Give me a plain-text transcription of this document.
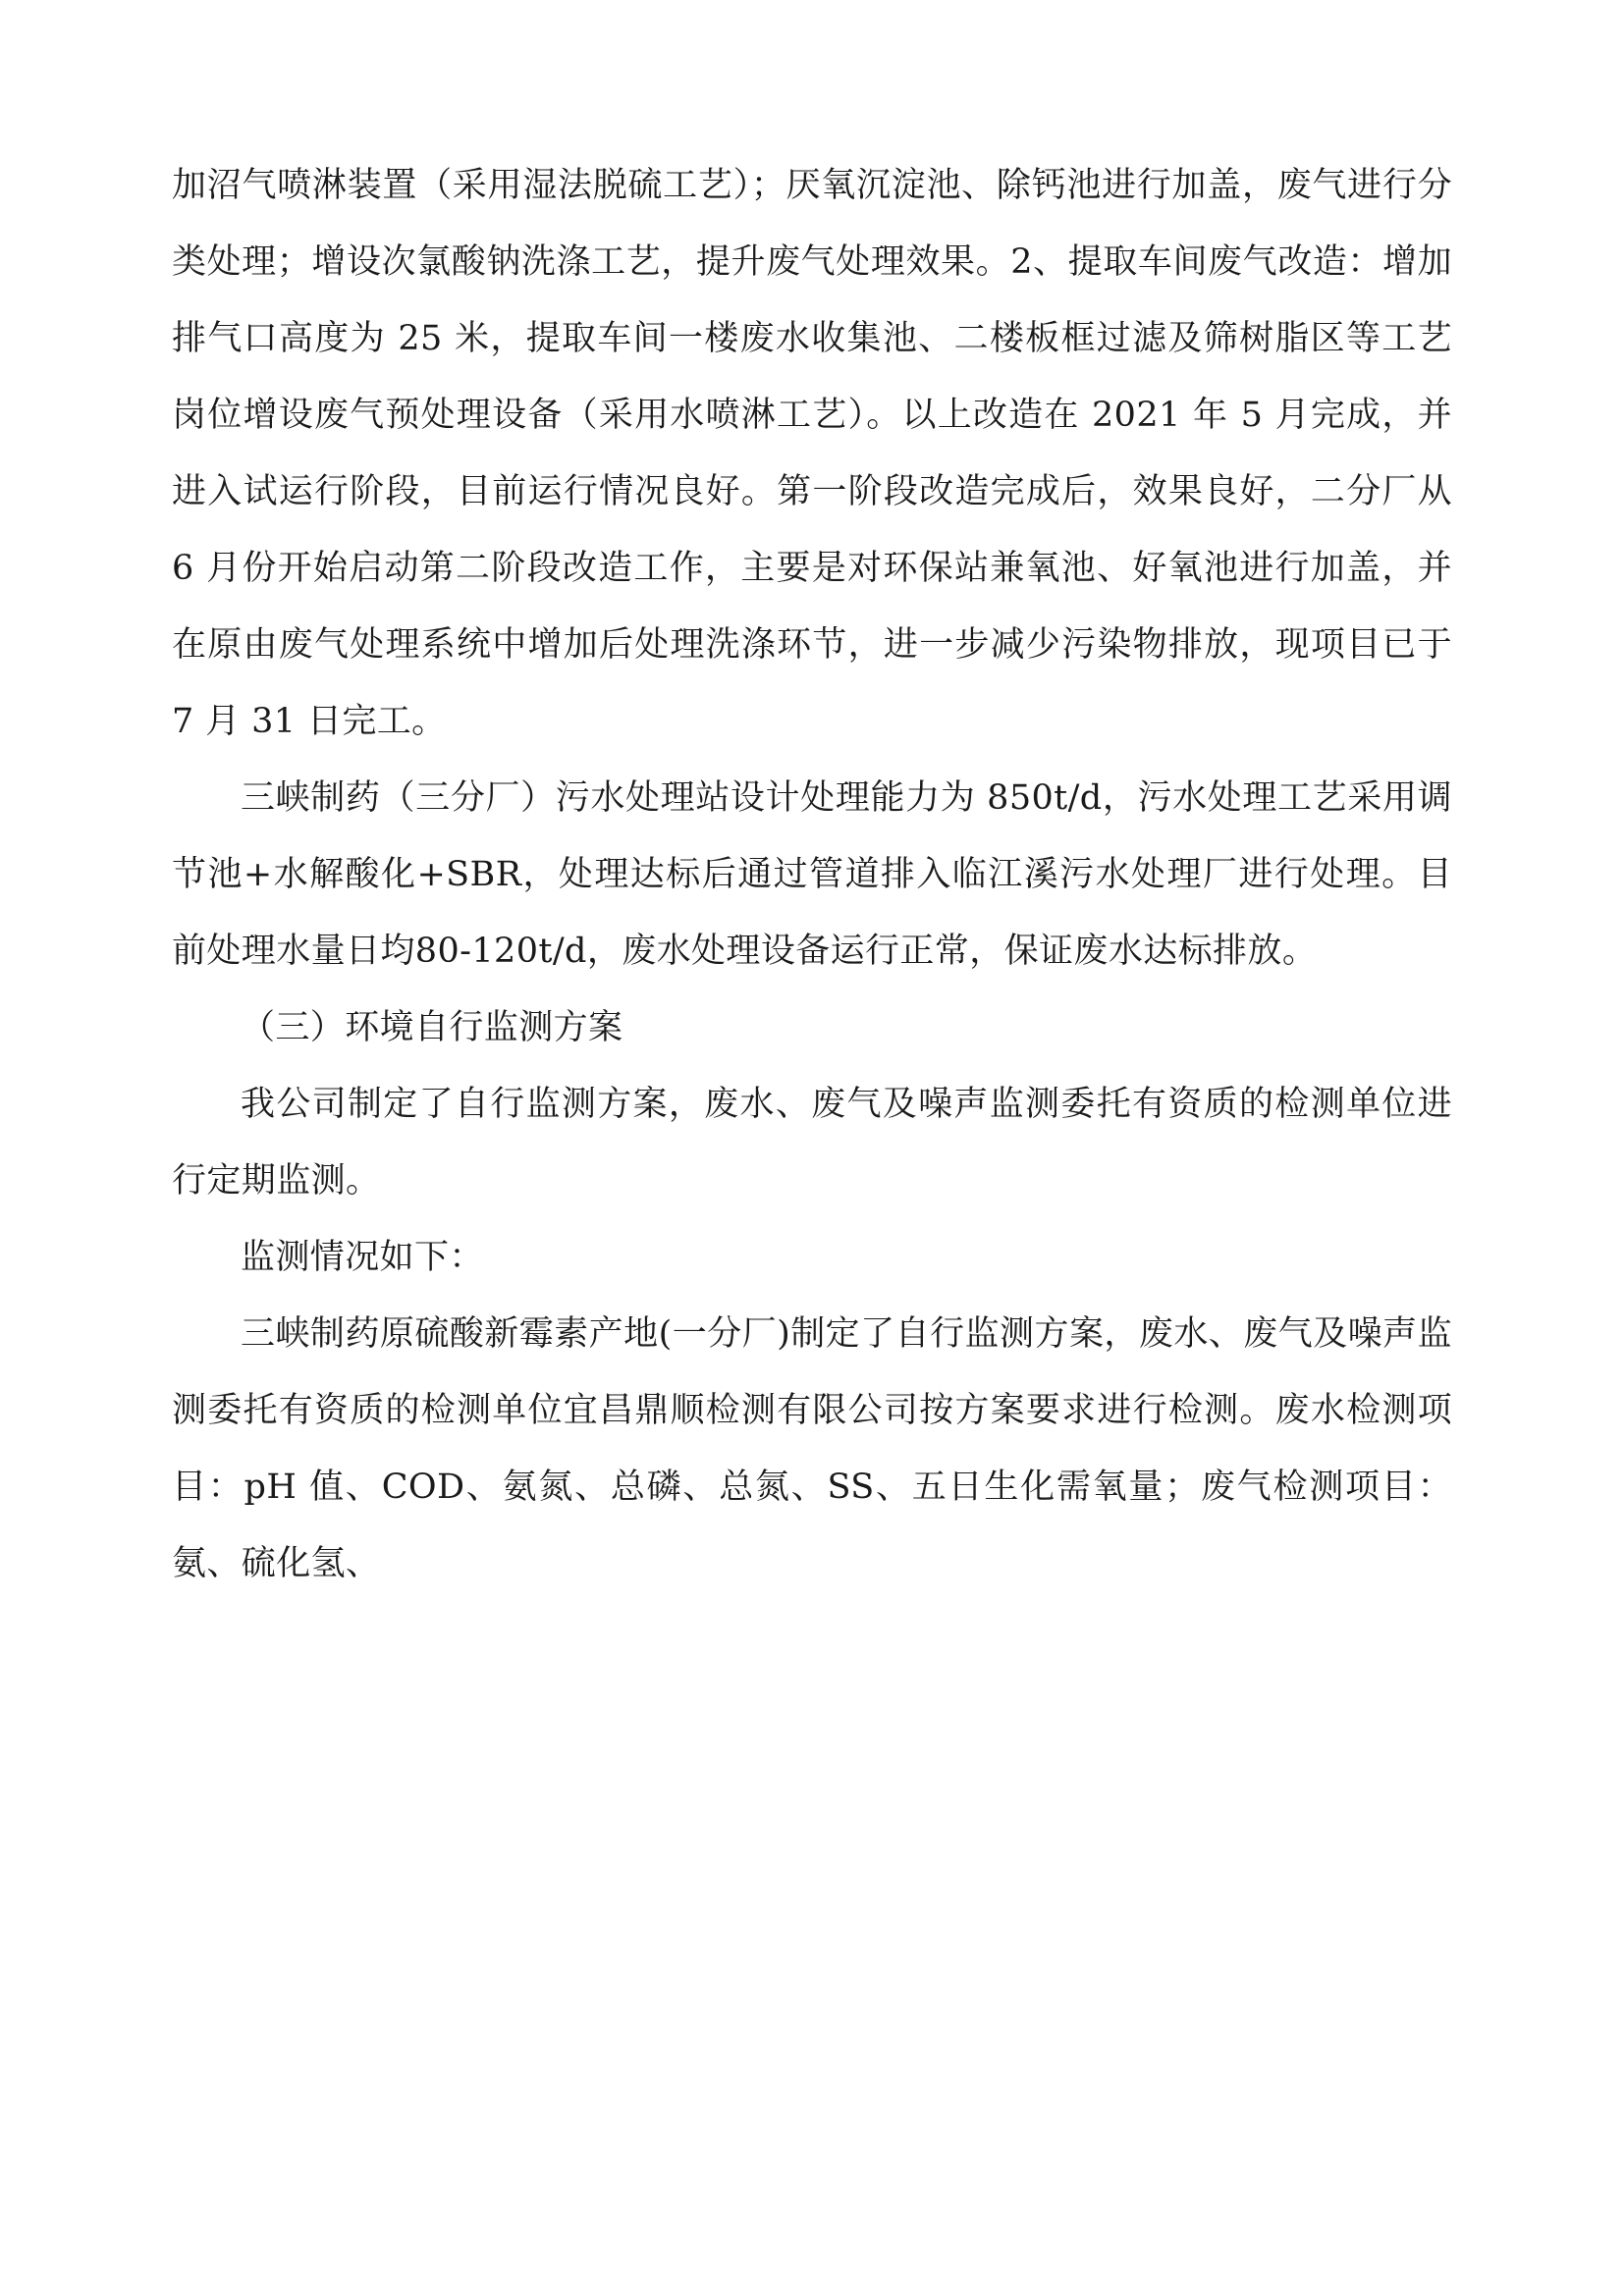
加沼气喷淋装置（采用湿法脱硫工艺）；厌氧沉淀池、除钙池进行加盖，废气进行分类处理；增设次氯酸钠洗涤工艺，提升废气处理效果。2、提取车间废气改造：增加排气口高度为 25 米，提取车间一楼废水收集池、二楼板框过滤及筛树脂区等工艺岗位增设废气预处理设备（采用水喷淋工艺）。以上改造在 2021 年 5 月完成，并进入试运行阶段，目前运行情况良好。第一阶段改造完成后，效果良好，二分厂从 6 月份开始启动第二阶段改造工作，主要是对环保站兼氧池、好氧池进行加盖，并在原由废气处理系统中增加后处理洗涤环节，进一步减少污染物排放，现项目已于 7 月 31 日完工。

三峡制药（三分厂）污水处理站设计处理能力为 850t/d，污水处理工艺采用调节池+水解酸化+SBR，处理达标后通过管道排入临江溪污水处理厂进行处理。目前处理水量日均80-120t/d，废水处理设备运行正常，保证废水达标排放。

（三）环境自行监测方案

我公司制定了自行监测方案，废水、废气及噪声监测委托有资质的检测单位进行定期监测。

监测情况如下：

三峡制药原硫酸新霉素产地(一分厂)制定了自行监测方案，废水、废气及噪声监测委托有资质的检测单位宜昌鼎顺检测有限公司按方案要求进行检测。废水检测项目：pH 值、COD、氨氮、总磷、总氮、SS、五日生化需氧量；废气检测项目：氨、硫化氢、
